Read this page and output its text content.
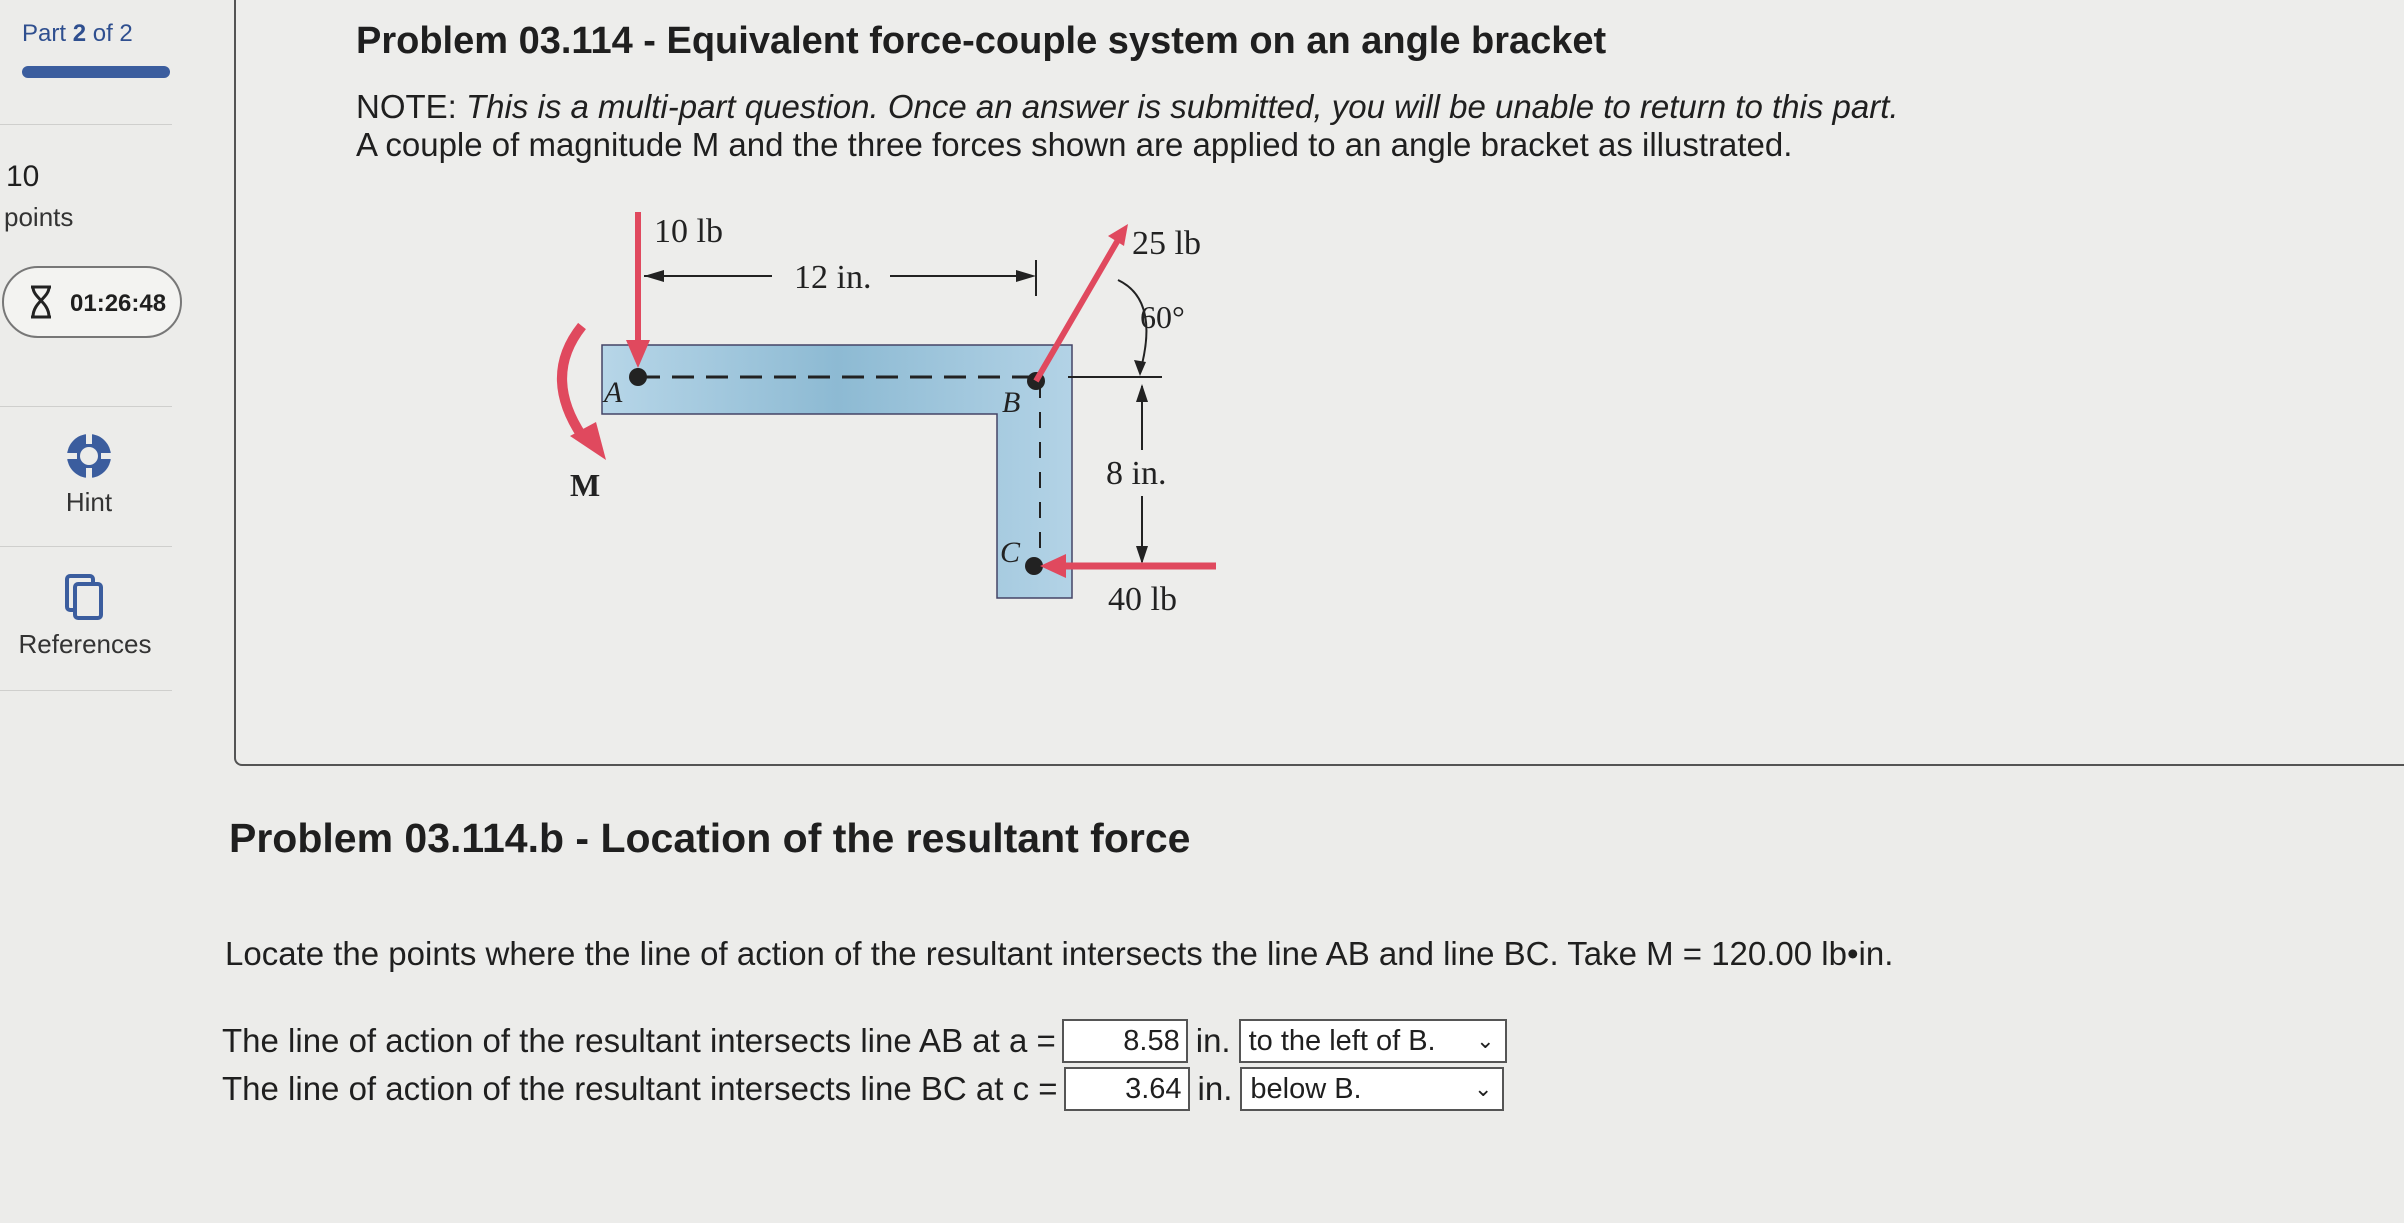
Part 2 of 2
10
points
01:26:48
Hint
References
Problem 03.114 - Equivalent force-couple system on an angle bracket
NOTE: This is a multi-part question. Once an answer is submitted, you will be unable to return to this part.
A couple of magnitude M and the three forces shown are applied to an angle bracket as illustrated.
A	B
C
10 lb
12 in.
25 lb
60°
8 in.
40 lb
M
Problem 03.114.b - Location of the resultant force
Locate the points where the line of action of the resultant intersects the line AB and line BC. Take M = 120.00 lb•in.
The line of action of the resultant intersects line AB at a =	8.58 in. to the left of B. ⌄
The line of action of the resultant intersects line BC at c =	3.64 in. below B.	⌄
